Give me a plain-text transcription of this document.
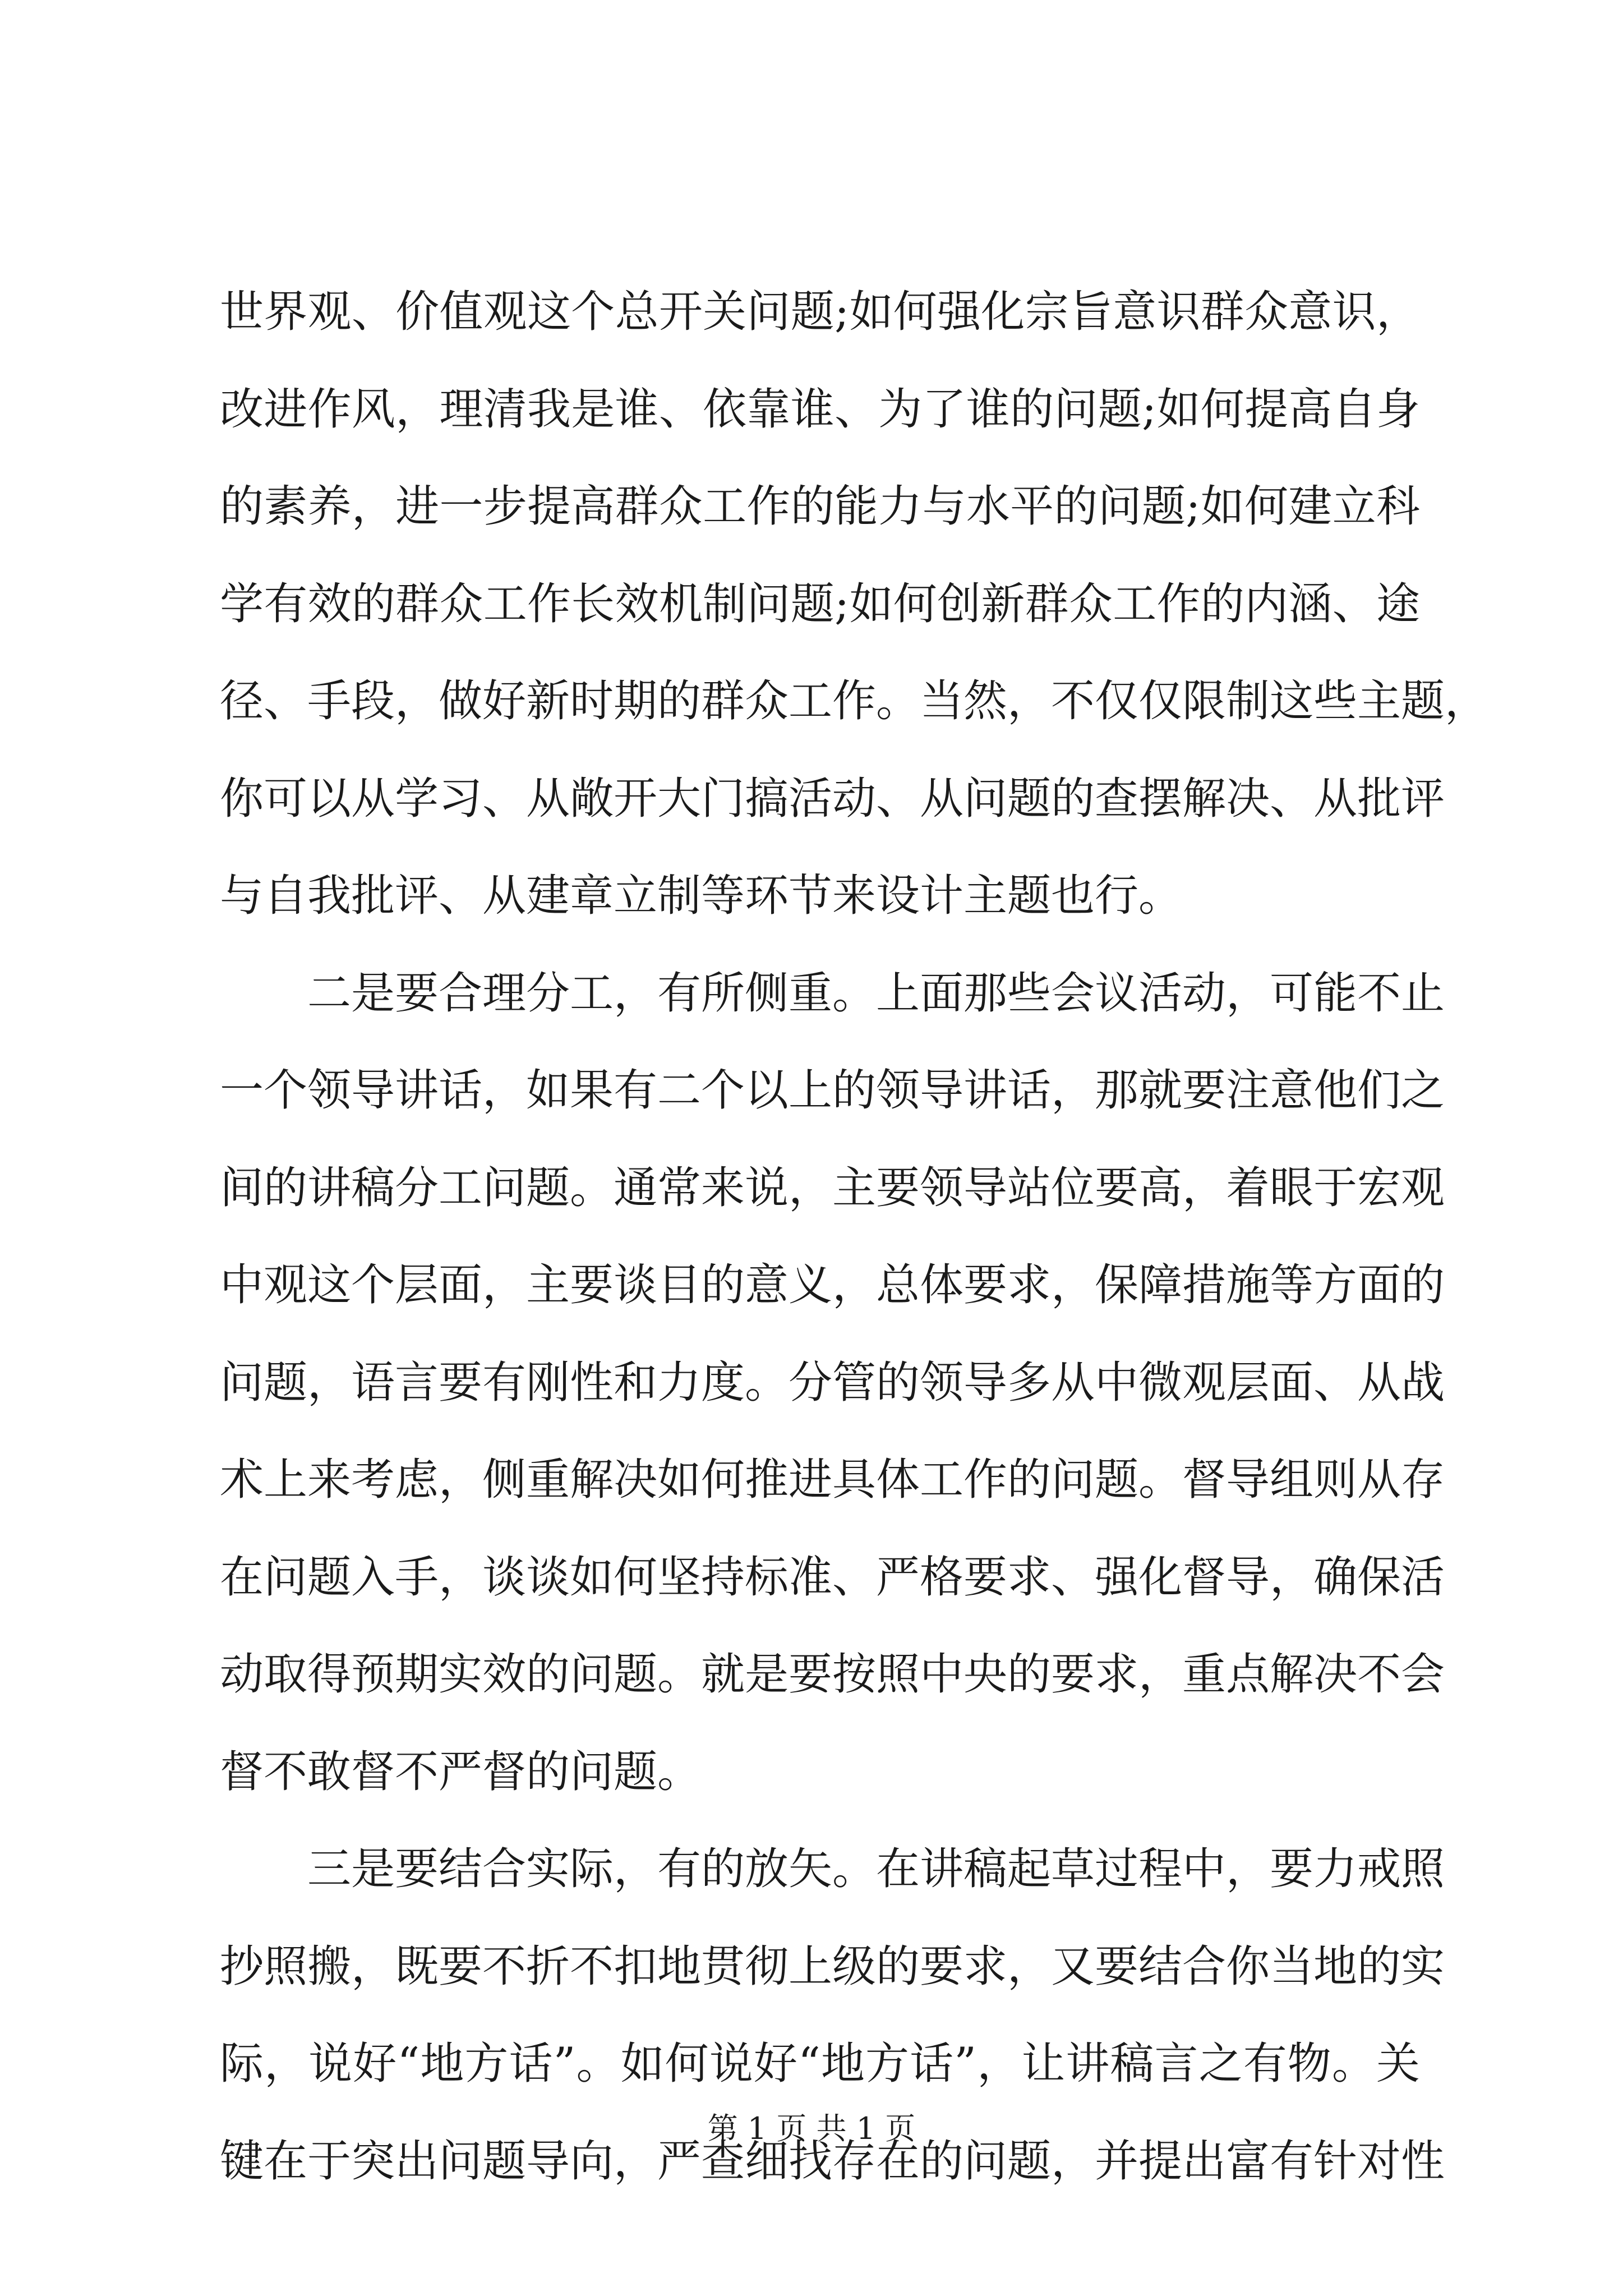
世界观、价值观这个总开关问题;如何强化宗旨意识群众意识，
改进作风，理清我是谁、依靠谁、为了谁的问题;如何提高自身
的素养，进一步提高群众工作的能力与水平的问题;如何建立科
学有效的群众工作长效机制问题;如何创新群众工作的内涵、途
径、手段，做好新时期的群众工作。当然，不仅仅限制这些主题，
你可以从学习、从敞开大门搞活动、从问题的查摆解决、从批评
与自我批评、从建章立制等环节来设计主题也行。
二是要合理分工，有所侧重。上面那些会议活动，可能不止
一个领导讲话，如果有二个以上的领导讲话，那就要注意他们之
间的讲稿分工问题。通常来说，主要领导站位要高，着眼于宏观
中观这个层面，主要谈目的意义，总体要求，保障措施等方面的
问题，语言要有刚性和力度。分管的领导多从中微观层面、从战
术上来考虑，侧重解决如何推进具体工作的问题。督导组则从存
在问题入手，谈谈如何坚持标准、严格要求、强化督导，确保活
动取得预期实效的问题。就是要按照中央的要求，重点解决不会
督不敢督不严督的问题。
三是要结合实际，有的放矢。在讲稿起草过程中，要力戒照
抄照搬，既要不折不扣地贯彻上级的要求，又要结合你当地的实
际，说好“地方话”。如何说好“地方话”，让讲稿言之有物。关
键在于突出问题导向，严查细找存在的问题，并提出富有针对性
第 1 页 共 1 页
